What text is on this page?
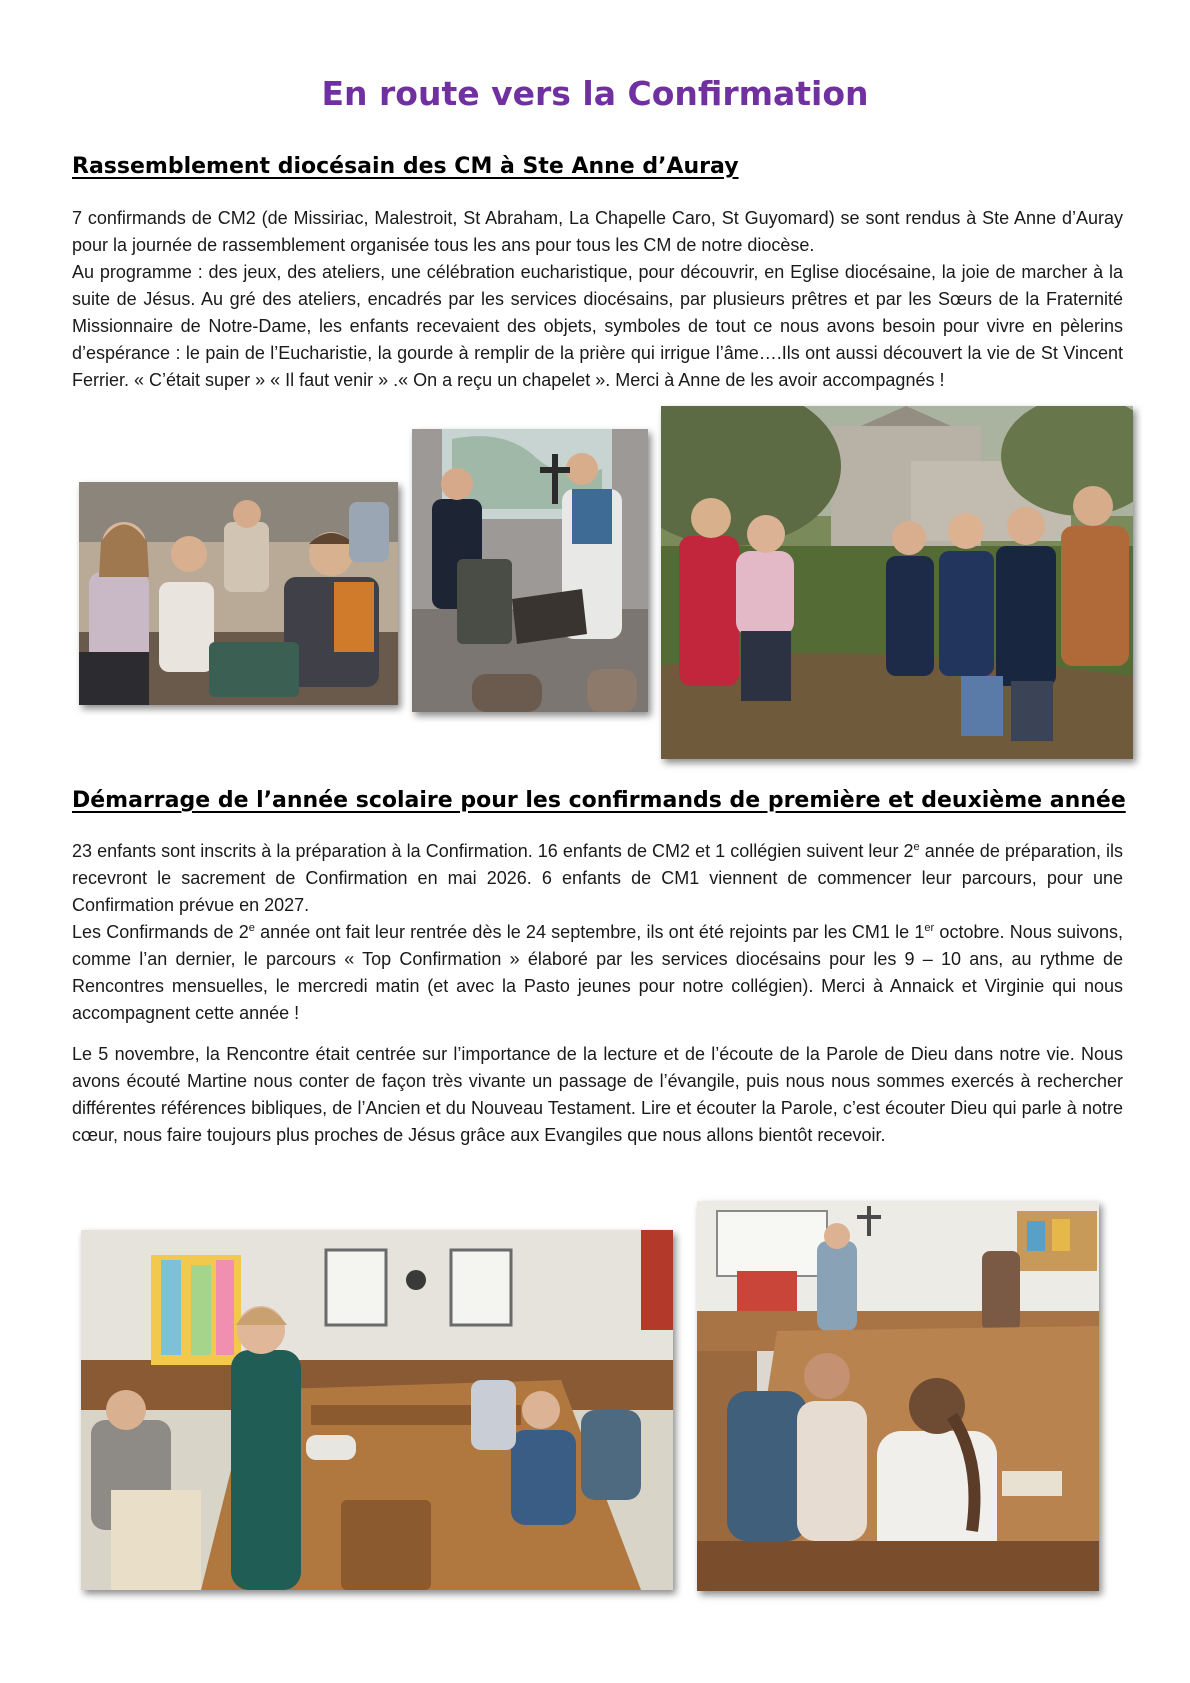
En route vers la Confirmation
Rassemblement diocésain des CM à Ste Anne d’Auray

7 confirmands de CM2 (de Missiriac, Malestroit, St Abraham, La Chapelle Caro, St Guyomard) se sont rendus à Ste Anne d’Auray pour la journée de rassemblement organisée tous les ans pour tous les CM de notre diocèse.

Au programme : des jeux, des ateliers, une célébration eucharistique, pour découvrir, en Eglise diocésaine, la joie de marcher à la suite de Jésus. Au gré des ateliers, encadrés par les services diocésains, par plusieurs prêtres et par les Sœurs de la Fraternité Missionnaire de Notre-Dame, les enfants recevaient des objets, symboles de tout ce nous avons besoin pour vivre en pèlerins d’espérance : le pain de l’Eucharistie, la gourde à remplir de la prière qui irrigue l’âme….Ils ont aussi découvert la vie de St Vincent Ferrier. « C’était super » « Il faut venir » .« On a reçu un chapelet ». Merci à Anne de les avoir accompagnés !

Démarrage de l’année scolaire pour les confirmands de première et deuxième année

23 enfants sont inscrits à la préparation à la Confirmation. 16 enfants de CM2 et 1 collégien suivent leur 2e année de préparation, ils recevront le sacrement de Confirmation en mai 2026. 6 enfants de CM1 viennent de commencer leur parcours, pour une Confirmation prévue en 2027.

Les Confirmands de 2e année ont fait leur rentrée dès le 24 septembre, ils ont été rejoints par les CM1 le 1er octobre. Nous suivons, comme l’an dernier, le parcours « Top Confirmation » élaboré par les services diocésains pour les 9 – 10 ans, au rythme de Rencontres mensuelles, le mercredi matin (et avec la Pasto jeunes pour notre collégien). Merci à Annaick et Virginie qui nous accompagnent cette année !

Le 5 novembre, la Rencontre était centrée sur l’importance de la lecture et de l’écoute de la Parole de Dieu dans notre vie. Nous avons écouté Martine nous conter de façon très vivante un passage de l’évangile, puis nous nous sommes exercés à rechercher différentes références bibliques, de l’Ancien et du Nouveau Testament. Lire et écouter la Parole, c’est écouter Dieu qui parle à notre cœur, nous faire toujours plus proches de Jésus grâce aux Evangiles que nous allons bientôt recevoir.
